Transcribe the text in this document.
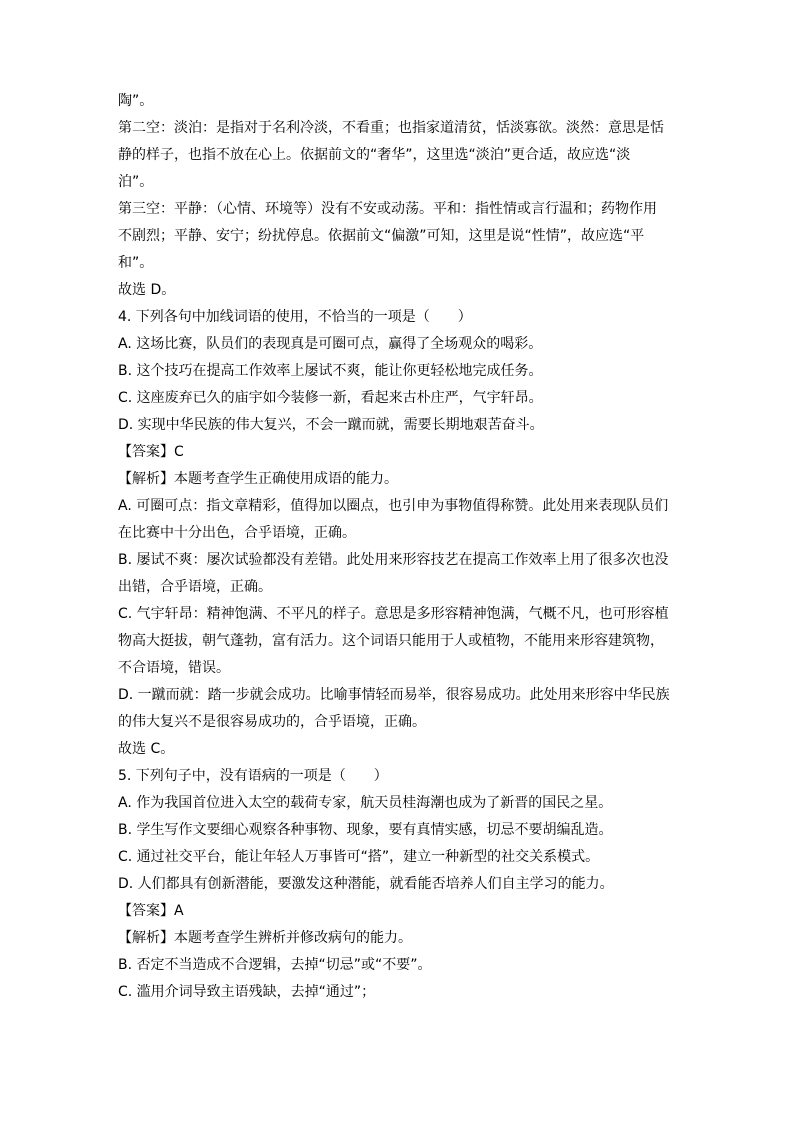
陶”。
第二空：淡泊：是指对于名利冷淡，不看重；也指家道清贫，恬淡寡欲。淡然：意思是恬
静的样子，也指不放在心上。依据前文的“奢华”，这里选“淡泊”更合适，故应选“淡
泊”。
第三空：平静：（心情、环境等）没有不安或动荡。平和：指性情或言行温和；药物作用
不剧烈；平静、安宁；纷扰停息。依据前文“偏激”可知，这里是说“性情”，故应选“平
和”。
故选 D。
4. 下列各句中加线词语的使用，不恰当的一项是（　　）
A. 这场比赛，队员们的表现真是可圈可点，赢得了全场观众的喝彩。
B. 这个技巧在提高工作效率上屡试不爽，能让你更轻松地完成任务。
C. 这座废弃已久的庙宇如今装修一新，看起来古朴庄严，气宇轩昂。
D. 实现中华民族的伟大复兴，不会一蹴而就，需要长期地艰苦奋斗。
【答案】C
【解析】本题考查学生正确使用成语的能力。
A. 可圈可点：指文章精彩，值得加以圈点，也引申为事物值得称赞。此处用来表现队员们
在比赛中十分出色，合乎语境，正确。
B. 屡试不爽：屡次试验都没有差错。此处用来形容技艺在提高工作效率上用了很多次也没
出错，合乎语境，正确。
C. 气宇轩昂：精神饱满、不平凡的样子。意思是多形容精神饱满，气概不凡，也可形容植
物高大挺拔，朝气蓬勃，富有活力。这个词语只能用于人或植物，不能用来形容建筑物，
不合语境，错误。
D. 一蹴而就：踏一步就会成功。比喻事情轻而易举，很容易成功。此处用来形容中华民族
的伟大复兴不是很容易成功的，合乎语境，正确。
故选 C。
5. 下列句子中，没有语病的一项是（　　）
A. 作为我国首位进入太空的载荷专家，航天员桂海潮也成为了新晋的国民之星。
B. 学生写作文要细心观察各种事物、现象，要有真情实感，切忌不要胡编乱造。
C. 通过社交平台，能让年轻人万事皆可“搭”，建立一种新型的社交关系模式。
D. 人们都具有创新潜能，要激发这种潜能，就看能否培养人们自主学习的能力。
【答案】A
【解析】本题考查学生辨析并修改病句的能力。
B. 否定不当造成不合逻辑，去掉“切忌”或“不要”。
C. 滥用介词导致主语残缺，去掉“通过”；
